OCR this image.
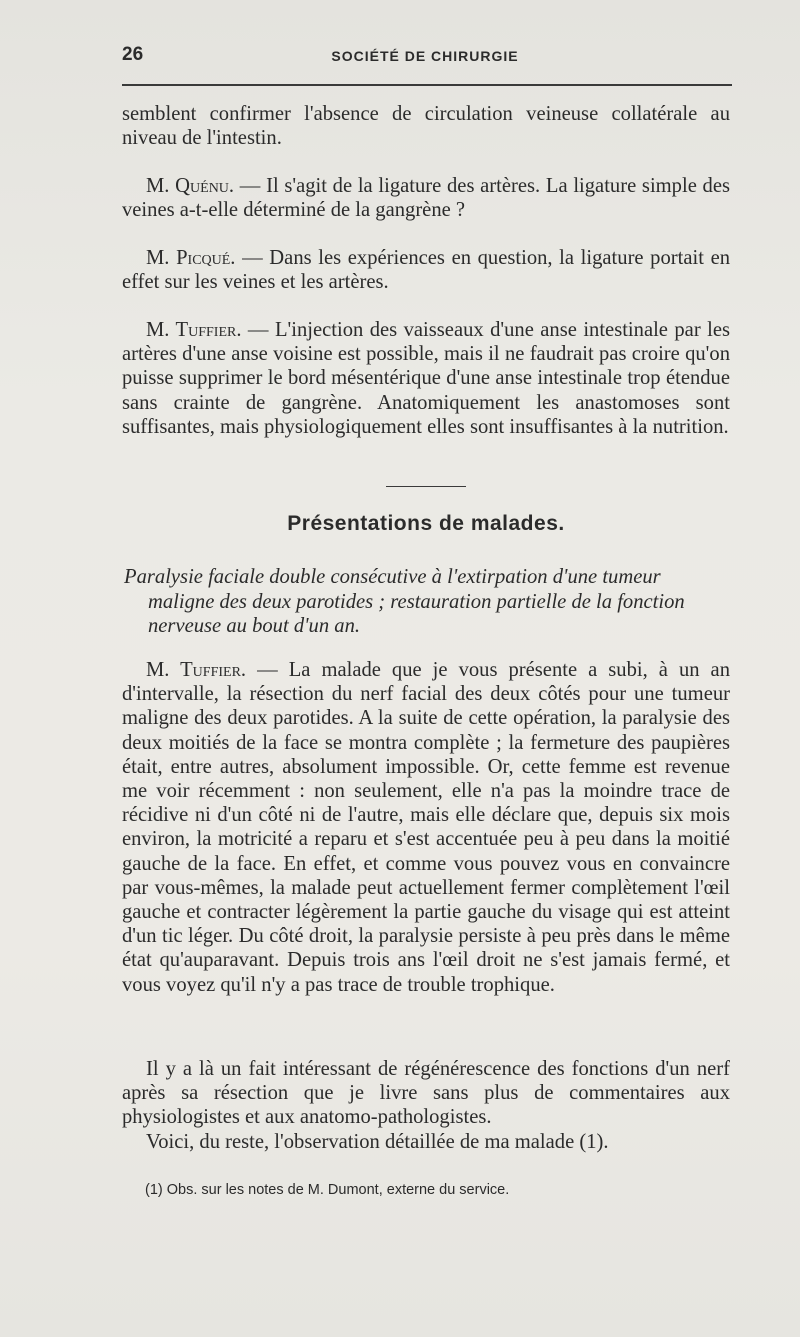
26	SOCIÉTÉ DE CHIRURGIE
semblent confirmer l'absence de circulation veineuse collatérale au niveau de l'intestin.
M. Quénu. — Il s'agit de la ligature des artères. La ligature simple des veines a-t-elle déterminé de la gangrène ?
M. Picqué. — Dans les expériences en question, la ligature portait en effet sur les veines et les artères.
M. Tuffier. — L'injection des vaisseaux d'une anse intestinale par les artères d'une anse voisine est possible, mais il ne faudrait pas croire qu'on puisse supprimer le bord mésentérique d'une anse intestinale trop étendue sans crainte de gangrène. Anatomiquement les anastomoses sont suffisantes, mais physiologiquement elles sont insuffisantes à la nutrition.
Présentations de malades.
Paralysie faciale double consécutive à l'extirpation d'une tumeur
maligne des deux parotides ; restauration partielle de la fonction nerveuse au bout d'un an.
M. Tuffier. — La malade que je vous présente a subi, à un an d'intervalle, la résection du nerf facial des deux côtés pour une tumeur maligne des deux parotides. A la suite de cette opération, la paralysie des deux moitiés de la face se montra complète ; la fermeture des paupières était, entre autres, absolument impossible. Or, cette femme est revenue me voir récemment : non seulement, elle n'a pas la moindre trace de récidive ni d'un côté ni de l'autre, mais elle déclare que, depuis six mois environ, la motricité a reparu et s'est accentuée peu à peu dans la moitié gauche de la face. En effet, et comme vous pouvez vous en convaincre par vous-mêmes, la malade peut actuellement fermer complètement l'œil gauche et contracter légèrement la partie gauche du visage qui est atteint d'un tic léger. Du côté droit, la paralysie persiste à peu près dans le même état qu'auparavant. Depuis trois ans l'œil droit ne s'est jamais fermé, et vous voyez qu'il n'y a pas trace de trouble trophique.
Il y a là un fait intéressant de régénérescence des fonctions d'un nerf après sa résection que je livre sans plus de commentaires aux physiologistes et aux anatomo-pathologistes.
Voici, du reste, l'observation détaillée de ma malade (1).
(1) Obs. sur les notes de M. Dumont, externe du service.
